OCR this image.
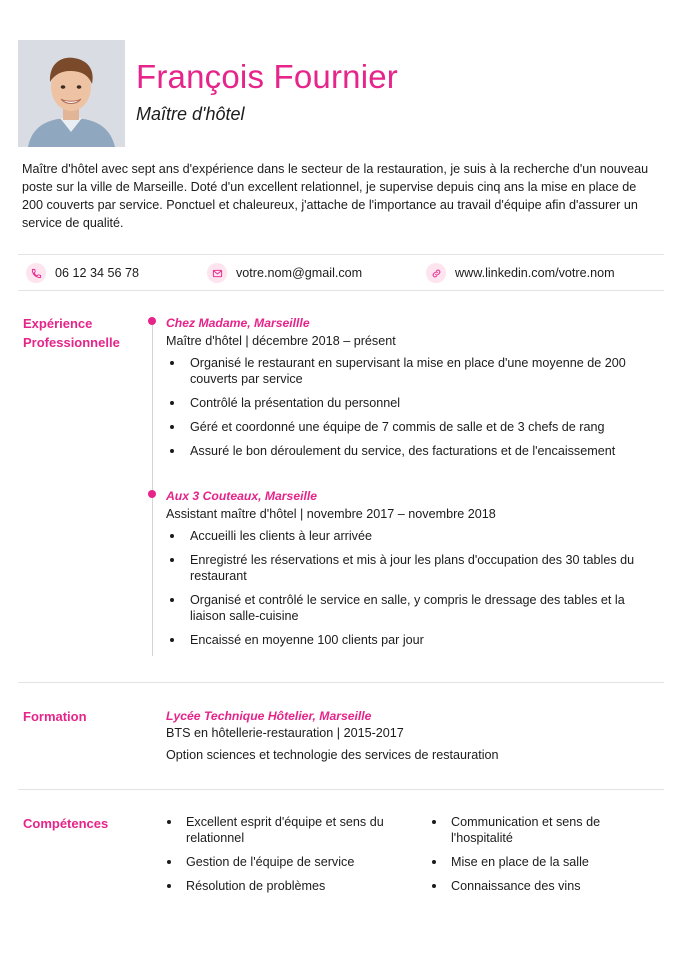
François Fournier
Maître d'hôtel

Maître d'hôtel avec sept ans d'expérience dans le secteur de la restauration, je suis à la recherche d'un nouveau poste sur la ville de Marseille. Doté d'un excellent relationnel, je supervise depuis cinq ans la mise en place de 200 couverts par service. Ponctuel et chaleureux, j'attache de l'importance au travail d'équipe afin d'assurer un service de qualité.

06 12 34 56 78	votre.nom@gmail.com	www.linkedin.com/votre.nom
Expérience Professionnelle
Chez Madame, Marseillle
Maître d'hôtel | décembre 2018 – présent
Organisé le restaurant en supervisant la mise en place d'une moyenne de 200 couverts par service
Contrôlé la présentation du personnel
Géré et coordonné une équipe de 7 commis de salle et de 3 chefs de rang
Assuré le bon déroulement du service, des facturations et de l'encaissement
Aux 3 Couteaux, Marseille
Assistant maître d'hôtel | novembre 2017 – novembre 2018
Accueilli les clients à leur arrivée
Enregistré les réservations et mis à jour les plans d'occupation des 30 tables du restaurant
Organisé et contrôlé le service en salle, y compris le dressage des tables et la liaison salle-cuisine
Encaissé en moyenne 100 clients par jour
Formation	Lycée Technique Hôtelier, Marseille
BTS en hôtellerie-restauration | 2015-2017
Option sciences et technologie des services de restauration
Compétences	Excellent esprit d'équipe et sens du relationnel
Gestion de l'équipe de service
Résolution de problèmes
Communication et sens de l'hospitalité
Mise en place de la salle
Connaissance des vins
